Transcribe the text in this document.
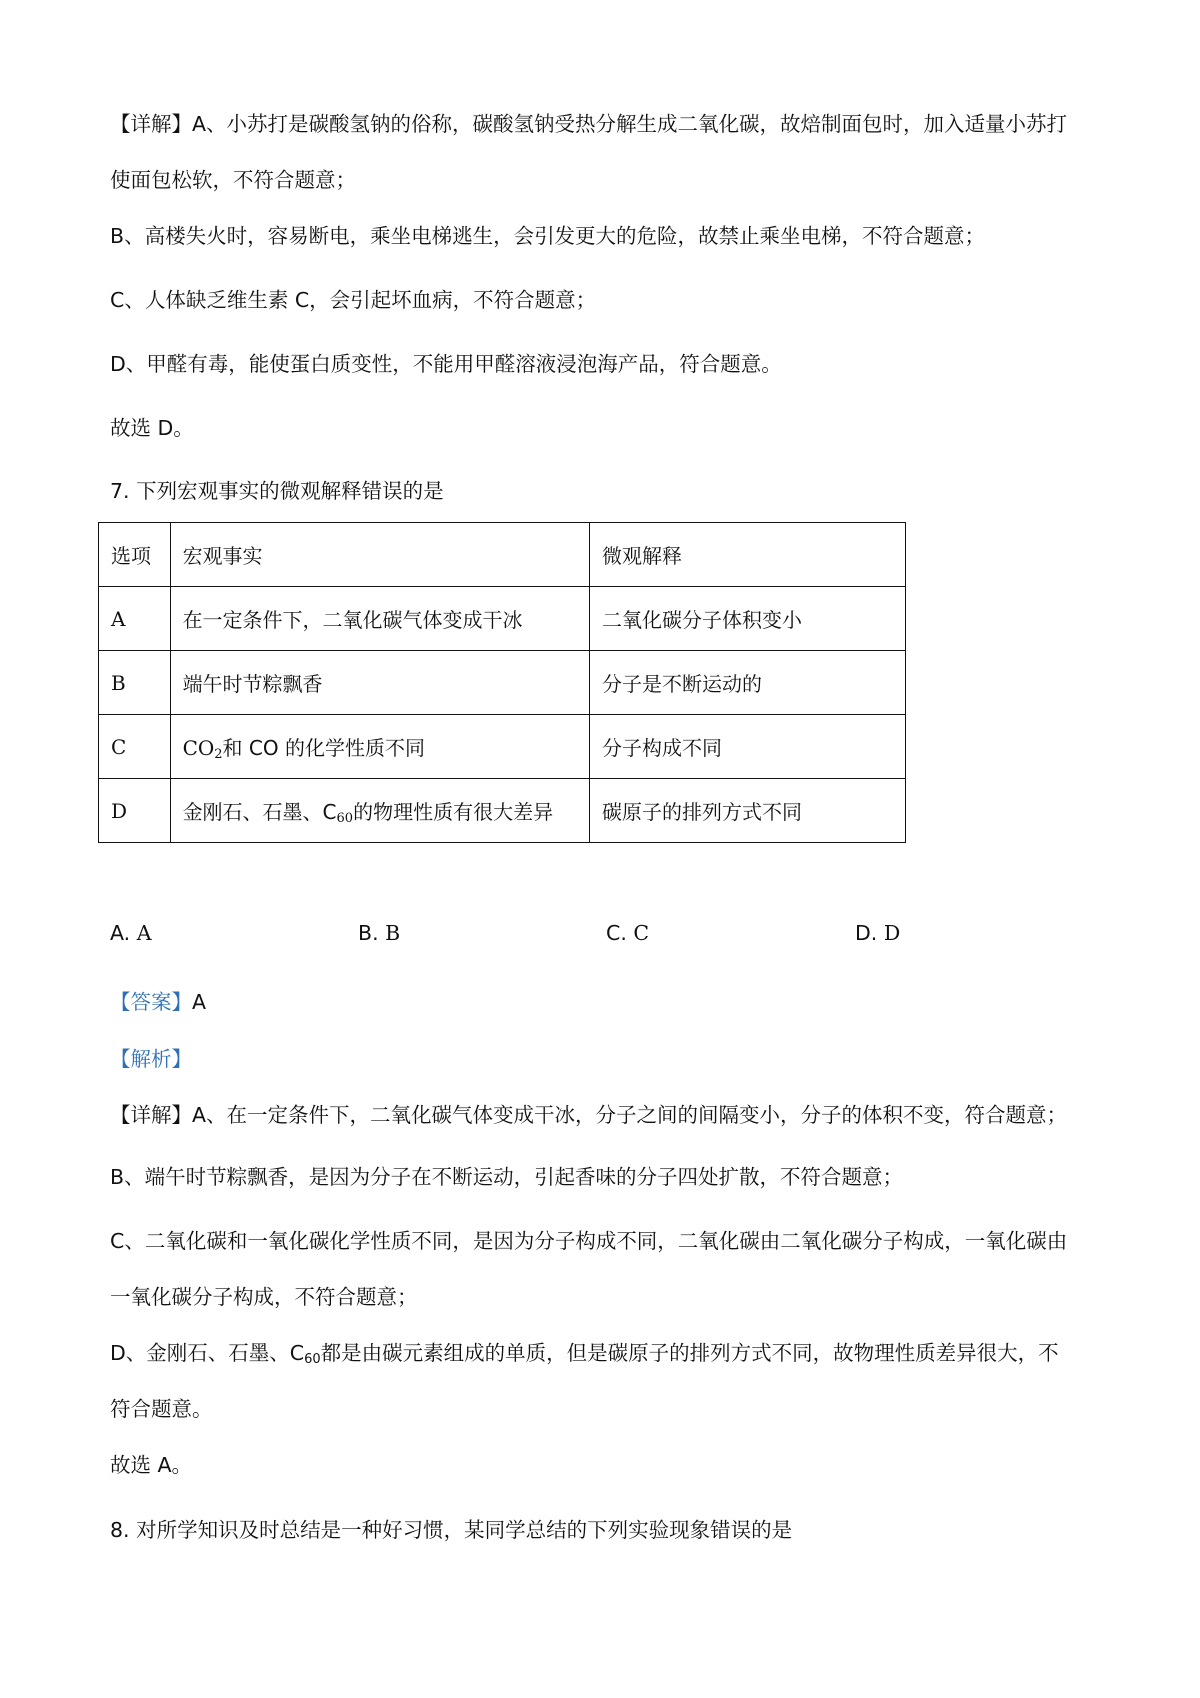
【详解】A、小苏打是碳酸氢钠的俗称，碳酸氢钠受热分解生成二氧化碳，故焙制面包时，加入适量小苏打
使面包松软，不符合题意；
B、高楼失火时，容易断电，乘坐电梯逃生，会引发更大的危险，故禁止乘坐电梯，不符合题意；
C、人体缺乏维生素 C，会引起坏血病，不符合题意；
D、甲醛有毒，能使蛋白质变性，不能用甲醛溶液浸泡海产品，符合题意。
故选 D。
7. 下列宏观事实的微观解释错误的是
选项	宏观事实	微观解释
A	在一定条件下，二氧化碳气体变成干冰	二氧化碳分子体积变小
B	端午时节粽飘香	分子是不断运动的
C	$CO_2$和 CO 的化学性质不同	分子构成不同
D	金刚石、石墨、$C_{60}$的物理性质有很大差异	碳原子的排列方式不同
A. A	B. B	C. C	D. D
【答案】A
【解析】
【详解】A、在一定条件下，二氧化碳气体变成干冰，分子之间的间隔变小，分子的体积不变，符合题意；
B、端午时节粽飘香，是因为分子在不断运动，引起香味的分子四处扩散，不符合题意；
C、二氧化碳和一氧化碳化学性质不同，是因为分子构成不同，二氧化碳由二氧化碳分子构成，一氧化碳由
一氧化碳分子构成，不符合题意；
D、金刚石、石墨、$C_{60}$都是由碳元素组成的单质，但是碳原子的排列方式不同，故物理性质差异很大，不
符合题意。
故选 A。
8. 对所学知识及时总结是一种好习惯，某同学总结的下列实验现象错误的是
